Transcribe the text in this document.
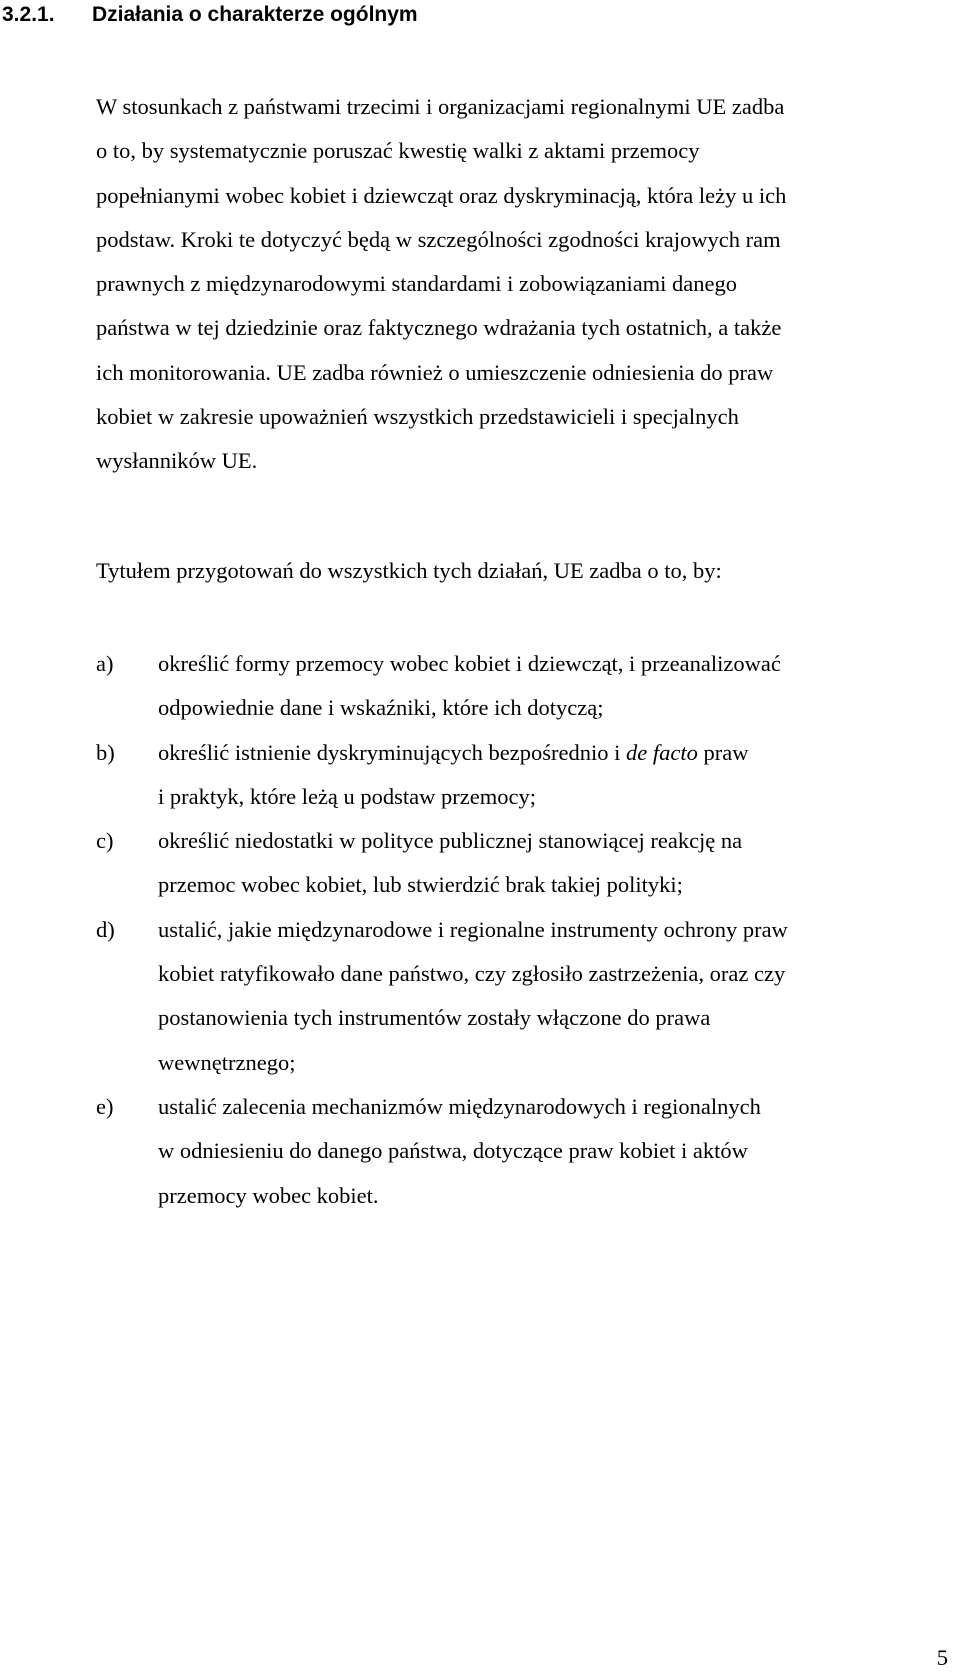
3.2.1. Działania o charakterze ogólnym

W stosunkach z państwami trzecimi i organizacjami regionalnymi UE zadba
o to, by systematycznie poruszać kwestię walki z aktami przemocy
popełnianymi wobec kobiet i dziewcząt oraz dyskryminacją, która leży u ich
podstaw. Kroki te dotyczyć będą w szczególności zgodności krajowych ram
prawnych z międzynarodowymi standardami i zobowiązaniami danego
państwa w tej dziedzinie oraz faktycznego wdrażania tych ostatnich, a także
ich monitorowania. UE zadba również o umieszczenie odniesienia do praw
kobiet w zakresie upoważnień wszystkich przedstawicieli i specjalnych
wysłanników UE.

Tytułem przygotowań do wszystkich tych działań, UE zadba o to, by:

a) określić formy przemocy wobec kobiet i dziewcząt, i przeanalizować
odpowiednie dane i wskaźniki, które ich dotyczą;
b) określić istnienie dyskryminujących bezpośrednio i de facto praw
i praktyk, które leżą u podstaw przemocy;
c) określić niedostatki w polityce publicznej stanowiącej reakcję na
przemoc wobec kobiet, lub stwierdzić brak takiej polityki;
d) ustalić, jakie międzynarodowe i regionalne instrumenty ochrony praw
kobiet ratyfikowało dane państwo, czy zgłosiło zastrzeżenia, oraz czy
postanowienia tych instrumentów zostały włączone do prawa
wewnętrznego;
e) ustalić zalecenia mechanizmów międzynarodowych i regionalnych
w odniesieniu do danego państwa, dotyczące praw kobiet i aktów
przemocy wobec kobiet.
5
